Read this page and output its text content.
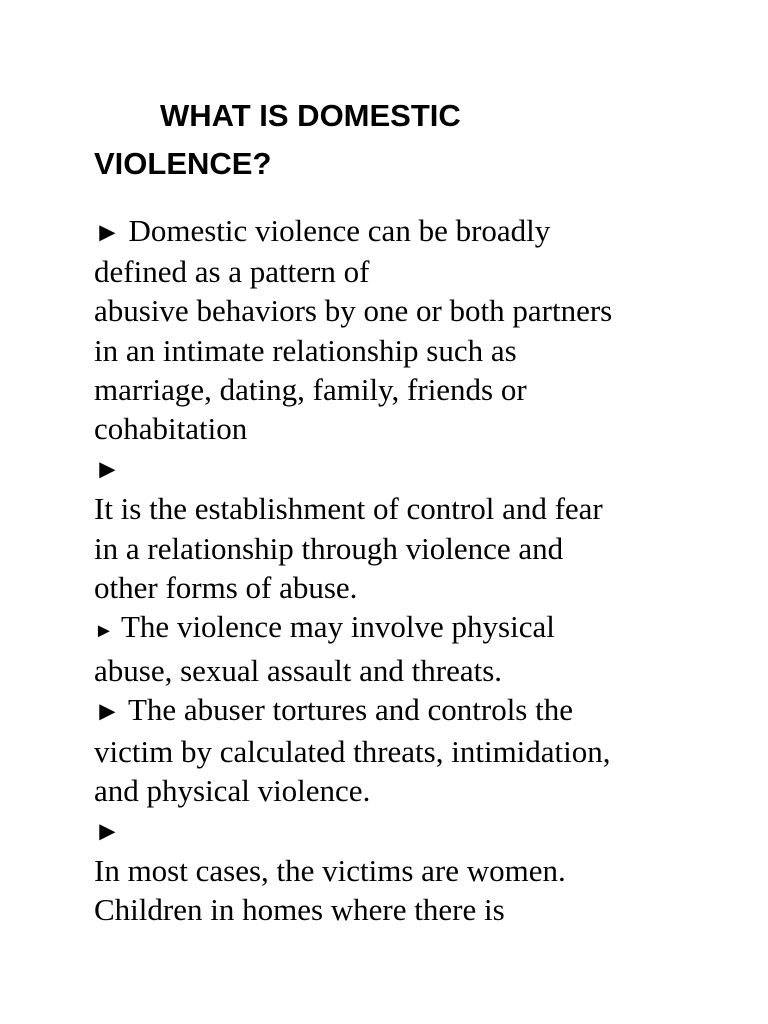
WHAT IS DOMESTIC
VIOLENCE?
► Domestic violence can be broadly
defined as a pattern of
abusive behaviors by one or both partners
in an intimate relationship such as
marriage, dating, family, friends or
cohabitation
►
It is the establishment of control and fear
in a relationship through violence and
other forms of abuse.
► The violence may involve physical
abuse, sexual assault and threats.
► The abuser tortures and controls the
victim by calculated threats, intimidation,
and physical violence.
►
In most cases, the victims are women.
Children in homes where there is
